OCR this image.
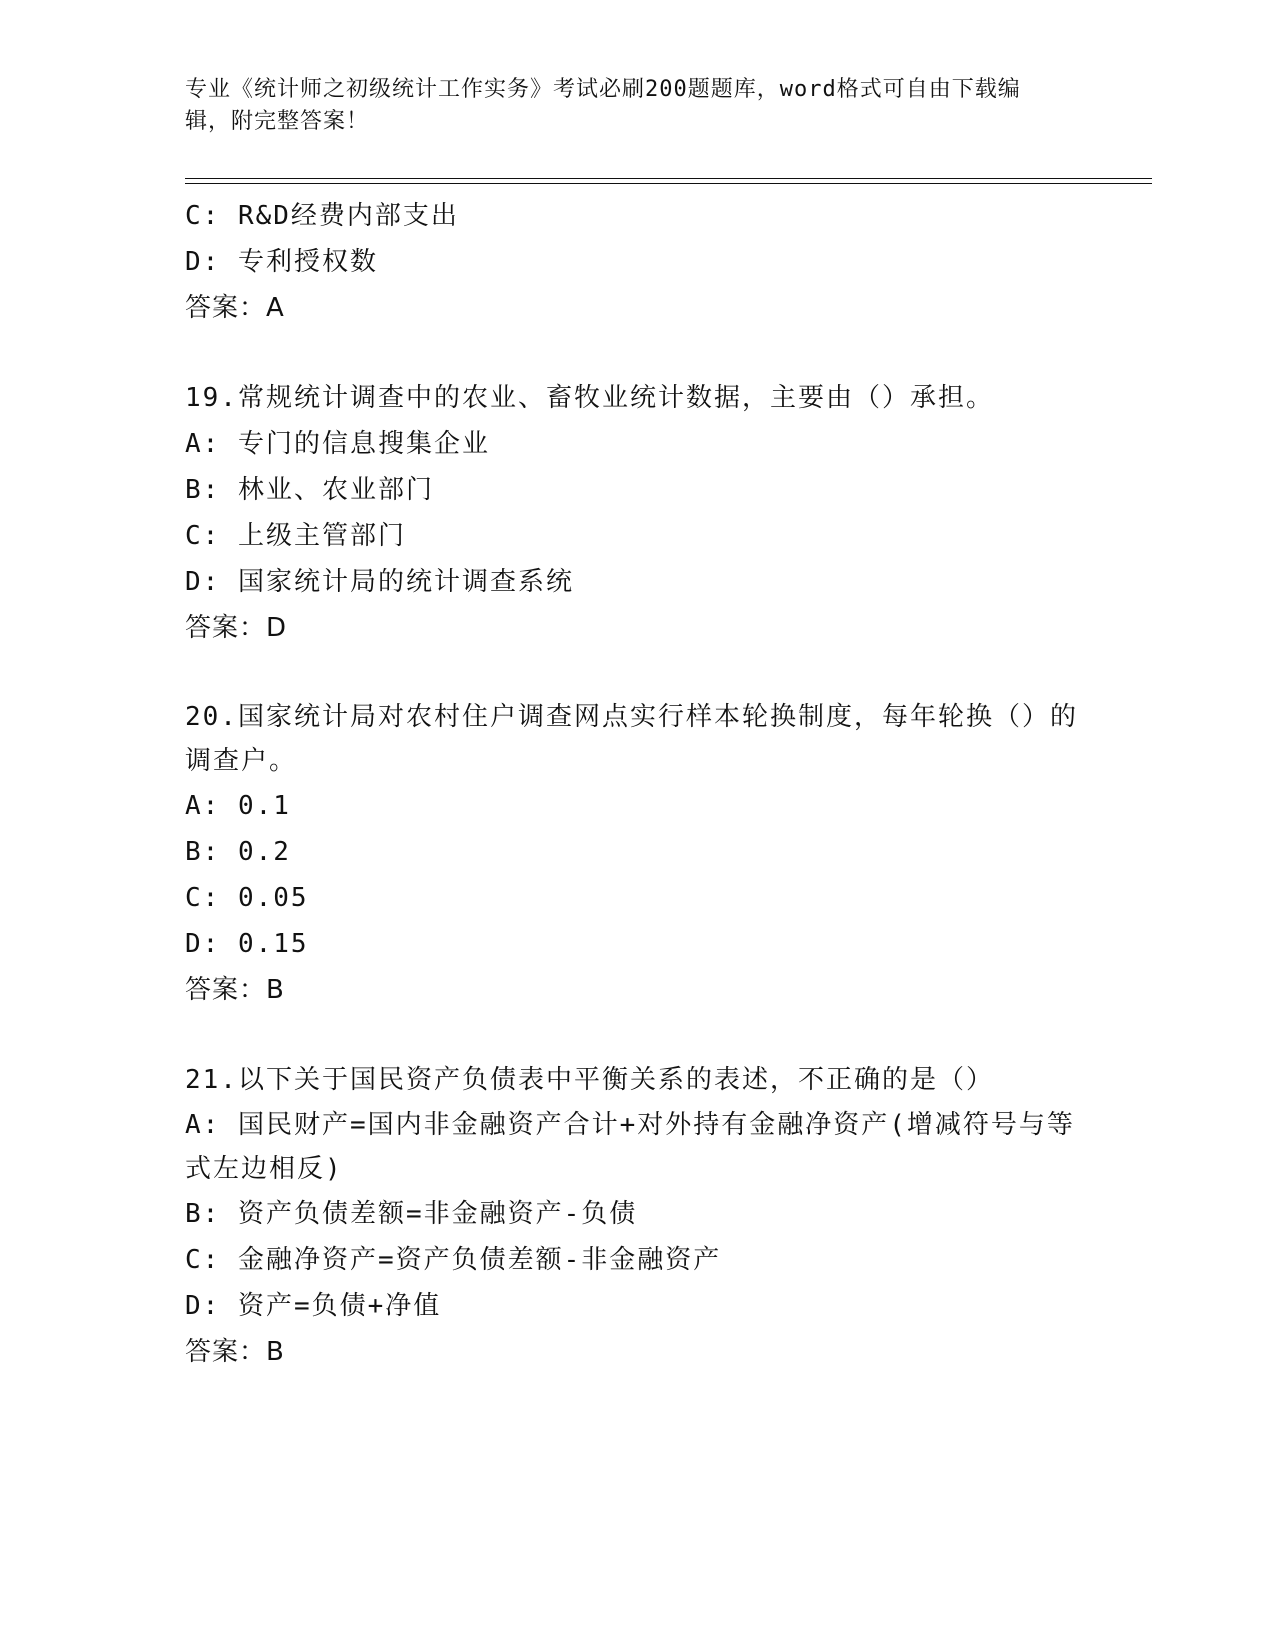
专业《统计师之初级统计工作实务》考试必刷200题题库，word格式可自由下载编辑，附完整答案！
C: R&D经费内部支出
D: 专利授权数
答案：A
19.常规统计调查中的农业、畜牧业统计数据，主要由（）承担。
A: 专门的信息搜集企业
B: 林业、农业部门
C: 上级主管部门
D: 国家统计局的统计调查系统
答案：D
20.国家统计局对农村住户调查网点实行样本轮换制度，每年轮换（）的调查户。
A: 0.1
B: 0.2
C: 0.05
D: 0.15
答案：B
21.以下关于国民资产负债表中平衡关系的表述，不正确的是（）
A: 国民财产=国内非金融资产合计+对外持有金融净资产(增减符号与等式左边相反)
B: 资产负债差额=非金融资产-负债
C: 金融净资产=资产负债差额-非金融资产
D: 资产=负债+净值
答案：B
